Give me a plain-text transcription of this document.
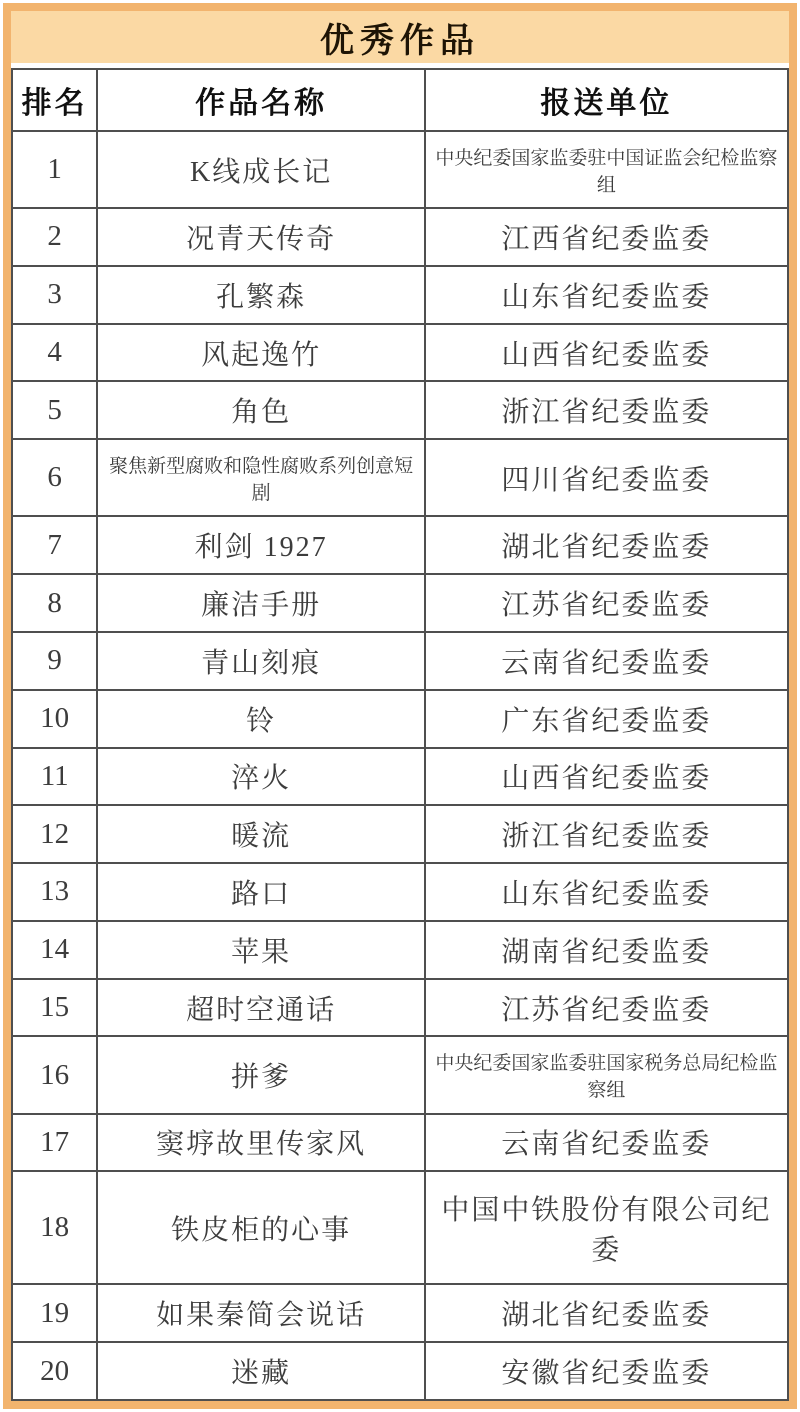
优秀作品
排名	作品名称	报送单位
1	K线成长记	中央纪委国家监委驻中国证监会纪检监察组
2	况青天传奇	江西省纪委监委
3	孔繁森	山东省纪委监委
4	风起逸竹	山西省纪委监委
5	角色	浙江省纪委监委
6	聚焦新型腐败和隐性腐败系列创意短剧	四川省纪委监委
7	利剑 1927	湖北省纪委监委
8	廉洁手册	江苏省纪委监委
9	青山刻痕	云南省纪委监委
10	铃	广东省纪委监委
11	淬火	山西省纪委监委
12	暖流	浙江省纪委监委
13	路口	山东省纪委监委
14	苹果	湖南省纪委监委
15	超时空通话	江苏省纪委监委
16	拼爹	中央纪委国家监委驻国家税务总局纪检监察组
17	窦垿故里传家风	云南省纪委监委
18	铁皮柜的心事	中国中铁股份有限公司纪委
19	如果秦简会说话	湖北省纪委监委
20	迷藏	安徽省纪委监委
